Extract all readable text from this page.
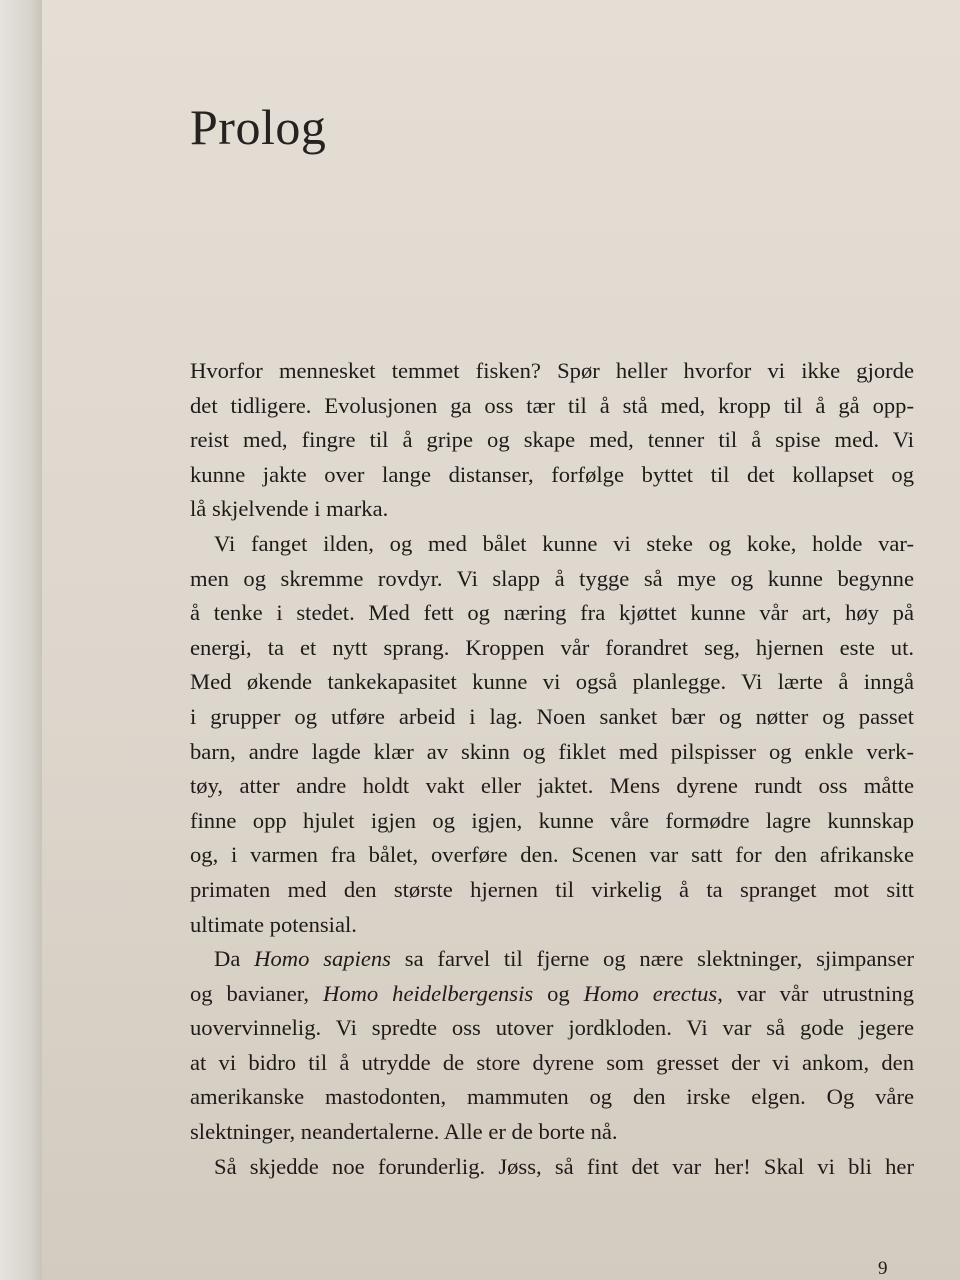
Prolog

Hvorfor mennesket temmet fisken? Spør heller hvorfor vi ikke gjorde
det tidligere. Evolusjonen ga oss tær til å stå med, kropp til å gå opp-
reist med, fingre til å gripe og skape med, tenner til å spise med. Vi
kunne jakte over lange distanser, forfølge byttet til det kollapset og
lå skjelvende i marka.

Vi fanget ilden, og med bålet kunne vi steke og koke, holde var-
men og skremme rovdyr. Vi slapp å tygge så mye og kunne begynne
å tenke i stedet. Med fett og næring fra kjøttet kunne vår art, høy på
energi, ta et nytt sprang. Kroppen vår forandret seg, hjernen este ut.
Med økende tankekapasitet kunne vi også planlegge. Vi lærte å inngå
i grupper og utføre arbeid i lag. Noen sanket bær og nøtter og passet
barn, andre lagde klær av skinn og fiklet med pilspisser og enkle verk-
tøy, atter andre holdt vakt eller jaktet. Mens dyrene rundt oss måtte
finne opp hjulet igjen og igjen, kunne våre formødre lagre kunnskap
og, i varmen fra bålet, overføre den. Scenen var satt for den afrikanske
primaten med den største hjernen til virkelig å ta spranget mot sitt
ultimate potensial.

Da Homo sapiens sa farvel til fjerne og nære slektninger, sjimpanser
og bavianer, Homo heidelbergensis og Homo erectus, var vår utrustning
uovervinnelig. Vi spredte oss utover jordkloden. Vi var så gode jegere
at vi bidro til å utrydde de store dyrene som gresset der vi ankom, den
amerikanske mastodonten, mammuten og den irske elgen. Og våre
slektninger, neandertalerne. Alle er de borte nå.

Så skjedde noe forunderlig. Jøss, så fint det var her! Skal vi bli her

9
